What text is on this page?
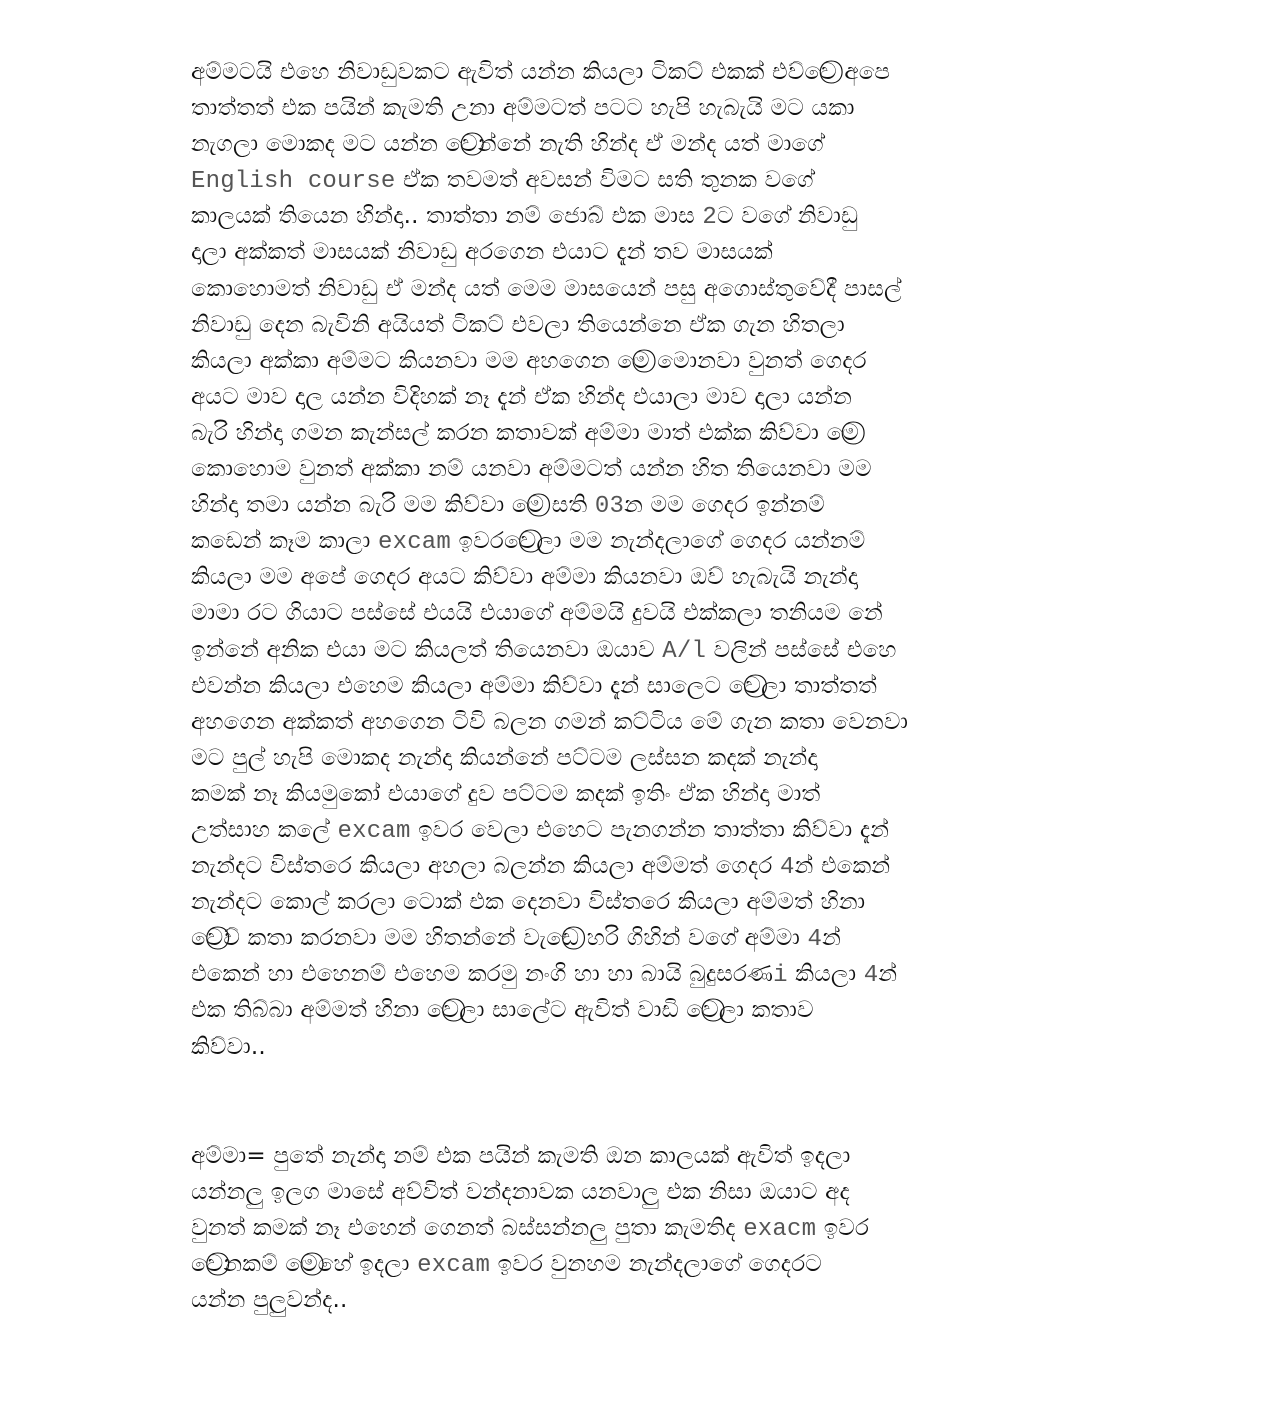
අම්මටයි එහෙ නිවාඩුවකට ඇවිත් යන්න කියලා ටිකට් එකක් එව්වෙ⃝ අපෙ
තාත්තත් එක පයින් කැමති උනා අම්මටත් පටට හැපි හැබැයි මට යකා
නැගලා මොකද මට යන්න වෙ⃝න්නේ නැති හින්ද ඒ මන්ද යත් මාගේ
English course ඒක තවමත් අවසන් විමට සති තුනක වගේ
කාලයක් තියෙන හින්දා.. තාත්තා නම් ජොබ් එක මාස 2ට වගේ නිවාඩු
දාලා අක්කත් මාසයක් නිවාඩු අරගෙන එයාට දැන් තව මාසයක්
කොහොමත් නිවාඩු ඒ මන්ද යත් මෙම මාසයෙන් පසු අගොස්තුවේදී පාසල්
නිවාඩු දෙන බැවිනි අයියත් ටිකට් එවලා තියෙන්නෙ ඒක ගැන හිතලා
කියලා අක්කා අම්මට කියනවා මම අහගෙන මෙ⃝ මොනවා වුනත් ගෙදර
අයට මාව දාල යන්න විදිහක් නෑ දැන් ඒක හින්ද එයාලා මාව දාලා යන්න
බැරි හින්දා ගමන කැන්සල් කරන කතාවක් අම්මා මාත් එක්ක කිව්වා මෙ⃝
කොහොම වුනත් අක්කා නම් යනවා අම්මටත් යන්න හිත තියෙනවා මම
හින්දා තමා යන්න බැරි මම කිව්වා මෙ⃝ සති 03න මම ගෙදර ඉන්නම්
කඩෙන් කෑම කාලා excam ඉවරවෙ⃝ලා මම නැන්දලාගේ ගෙදර යන්නම්
කියලා මම අපේ ගෙදර අයට කිව්වා අම්මා කියනවා ඔව් හැබැයි නැන්දා
මාමා රට ගියාට පස්සේ එයයි එයාගේ අම්මයි දුවයි එක්කලා තනියම නේ
ඉන්නේ අනික එයා මට කියලත් තියෙනවා ඔයාව A/l වලින් පස්සේ එහෙ
එවන්න කියලා එහෙම කියලා අම්මා කිව්වා දැන් සාලෙට වෙ⃝ලා තාත්තත්
අහගෙන අක්කත් අහගෙන ටිවි බලන ගමන් කට්ටිය මේ ගැන කතා වෙනවා
මට පුල් හැපි මොකද නැන්දා කියන්නේ පට්ටම ලස්සන කදක් නැන්දා
කමක් නෑ කියමුකෝ එයාගේ දුව පට්ටම කදක් ඉතිං ඒක හින්දා මාත්
උත්සාහ කලේ excam ඉවර වෙලා එහෙට පැනගන්න තාත්තා කිව්වා දැන්
නැන්දට විස්තරෙ කියලා අහලා බලන්න කියලා අම්මත් ගෙදර 4න් එකෙන්
නැන්දට කොල් කරලා ටොක් එක දෙනවා විස්තරෙ කියලා අම්මත් හිනා
වෙ⃝ව් කතා කරනවා මම හිතන්නේ වැඩෙ⃝ හරි ගිහින් වගේ අම්මා 4න්
එකෙන් හා එහෙනම් එහෙම කරමු නංගි හා හා බායි බුදුසරණi කියලා 4න්
එක තිබ්බා අම්මත් හිනා වෙ⃝ලා සාලේට ඇවිත් වාඩි වෙ⃝ලා කතාව
කිව්වා..
අම්මා= පුතේ නැන්දා නම් එක පයින් කැමති ඔන කාලයක් ඇවිත් ඉදලා
යන්නලු ඉලග මාසේ අව්විත් වන්දනාවක යනවාලු එක නිසා ඔයාට අද
වුනත් කමක් නෑ එහෙන් ගෙනත් බස්සන්නලු පුතා කැමතිද exacm ඉවර
වෙ⃝නකම් මෙ⃝හේ ඉදලා excam ඉවර වුනහම නැන්දලාගේ ගෙදරට
යන්න පුලුවන්ද..
